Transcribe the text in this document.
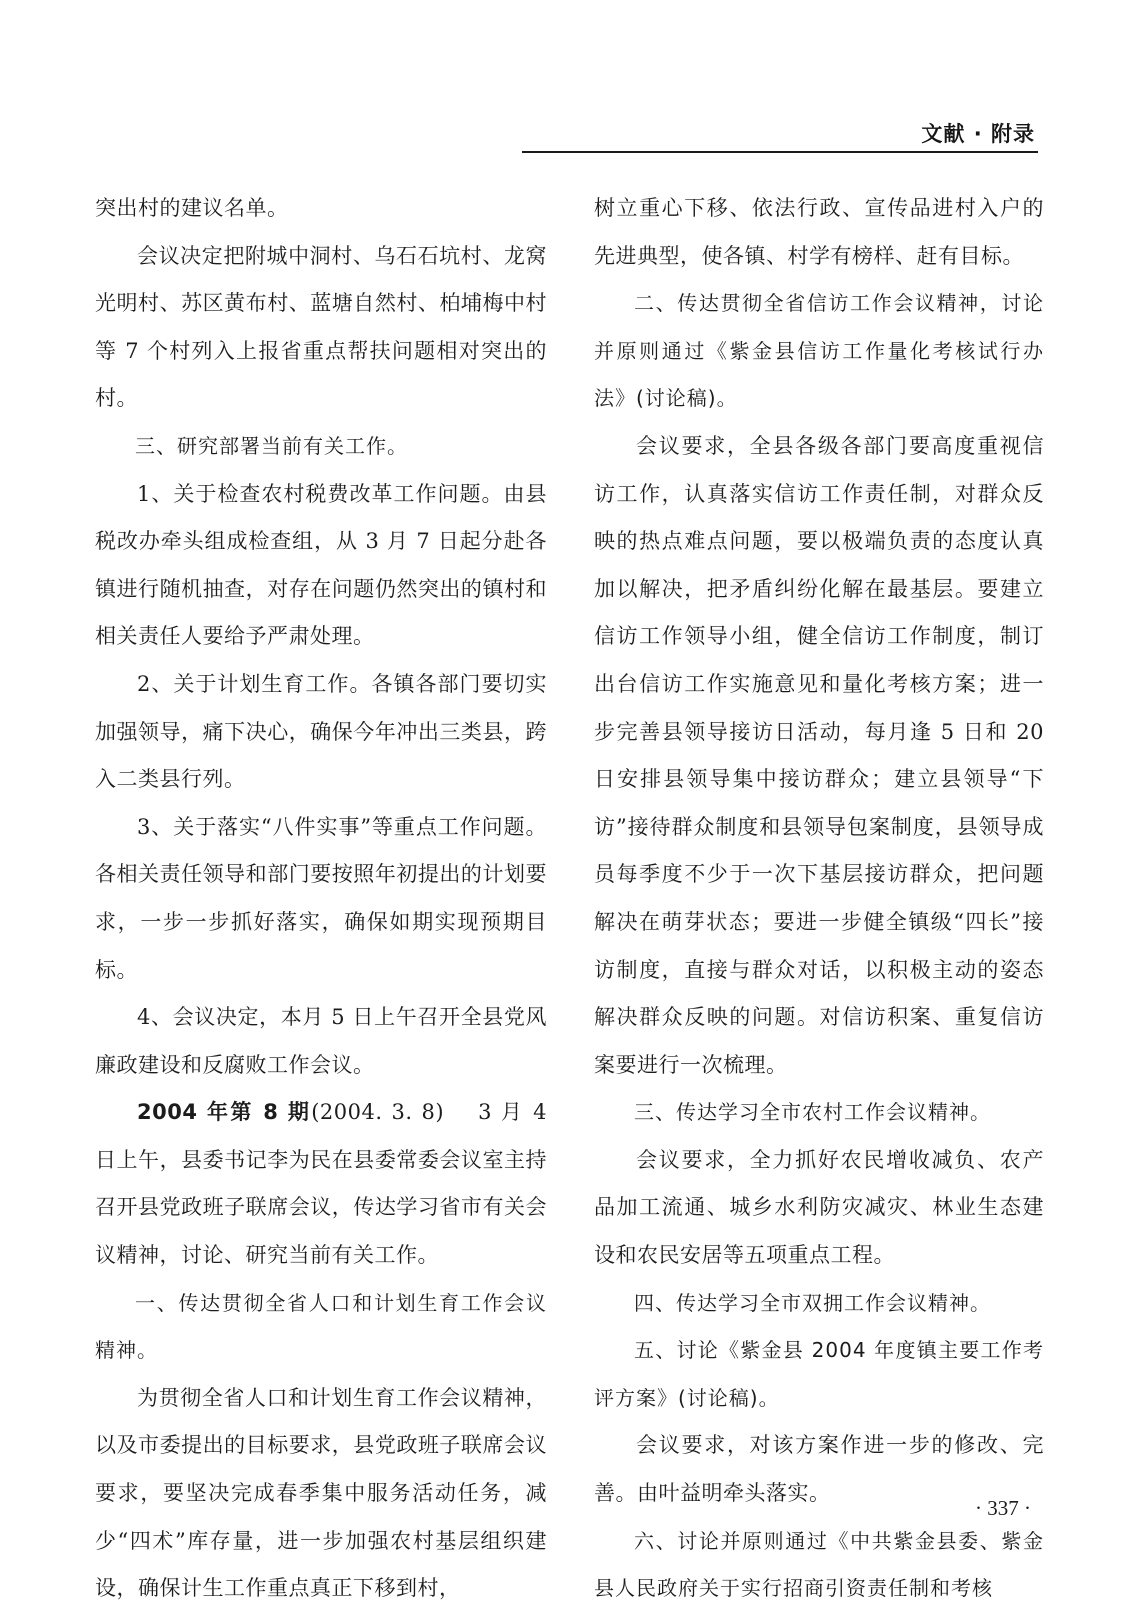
文献 · 附录

突出村的建议名单。

会议决定把附城中洞村、乌石石坑村、龙窝光明村、苏区黄布村、蓝塘自然村、柏埔梅中村等 7 个村列入上报省重点帮扶问题相对突出的村。

三、研究部署当前有关工作。

1、关于检查农村税费改革工作问题。由县税改办牵头组成检查组，从 3 月 7 日起分赴各镇进行随机抽查，对存在问题仍然突出的镇村和相关责任人要给予严肃处理。

2、关于计划生育工作。各镇各部门要切实加强领导，痛下决心，确保今年冲出三类县，跨入二类县行列。

3、关于落实“八件实事”等重点工作问题。各相关责任领导和部门要按照年初提出的计划要求，一步一步抓好落实，确保如期实现预期目标。

4、会议决定，本月 5 日上午召开全县党风廉政建设和反腐败工作会议。

2004 年第 8 期(2004. 3. 8)　 3 月 4 日上午，县委书记李为民在县委常委会议室主持召开县党政班子联席会议，传达学习省市有关会议精神，讨论、研究当前有关工作。

一、传达贯彻全省人口和计划生育工作会议精神。

为贯彻全省人口和计划生育工作会议精神，以及市委提出的目标要求，县党政班子联席会议要求，要坚决完成春季集中服务活动任务，减少“四术”库存量，进一步加强农村基层组织建设，确保计生工作重点真正下移到村，

树立重心下移、依法行政、宣传品进村入户的先进典型，使各镇、村学有榜样、赶有目标。

二、传达贯彻全省信访工作会议精神，讨论并原则通过《紫金县信访工作量化考核试行办法》(讨论稿)。

会议要求，全县各级各部门要高度重视信访工作，认真落实信访工作责任制，对群众反映的热点难点问题，要以极端负责的态度认真加以解决，把矛盾纠纷化解在最基层。要建立信访工作领导小组，健全信访工作制度，制订出台信访工作实施意见和量化考核方案；进一步完善县领导接访日活动，每月逢 5 日和 20 日安排县领导集中接访群众；建立县领导“下访”接待群众制度和县领导包案制度，县领导成员每季度不少于一次下基层接访群众，把问题解决在萌芽状态；要进一步健全镇级“四长”接访制度，直接与群众对话，以积极主动的姿态解决群众反映的问题。对信访积案、重复信访案要进行一次梳理。

三、传达学习全市农村工作会议精神。

会议要求，全力抓好农民增收减负、农产品加工流通、城乡水利防灾减灾、林业生态建设和农民安居等五项重点工程。

四、传达学习全市双拥工作会议精神。

五、讨论《紫金县 2004 年度镇主要工作考评方案》(讨论稿)。

会议要求，对该方案作进一步的修改、完善。由叶益明牵头落实。

六、讨论并原则通过《中共紫金县委、紫金县人民政府关于实行招商引资责任制和考核

· 337 ·
